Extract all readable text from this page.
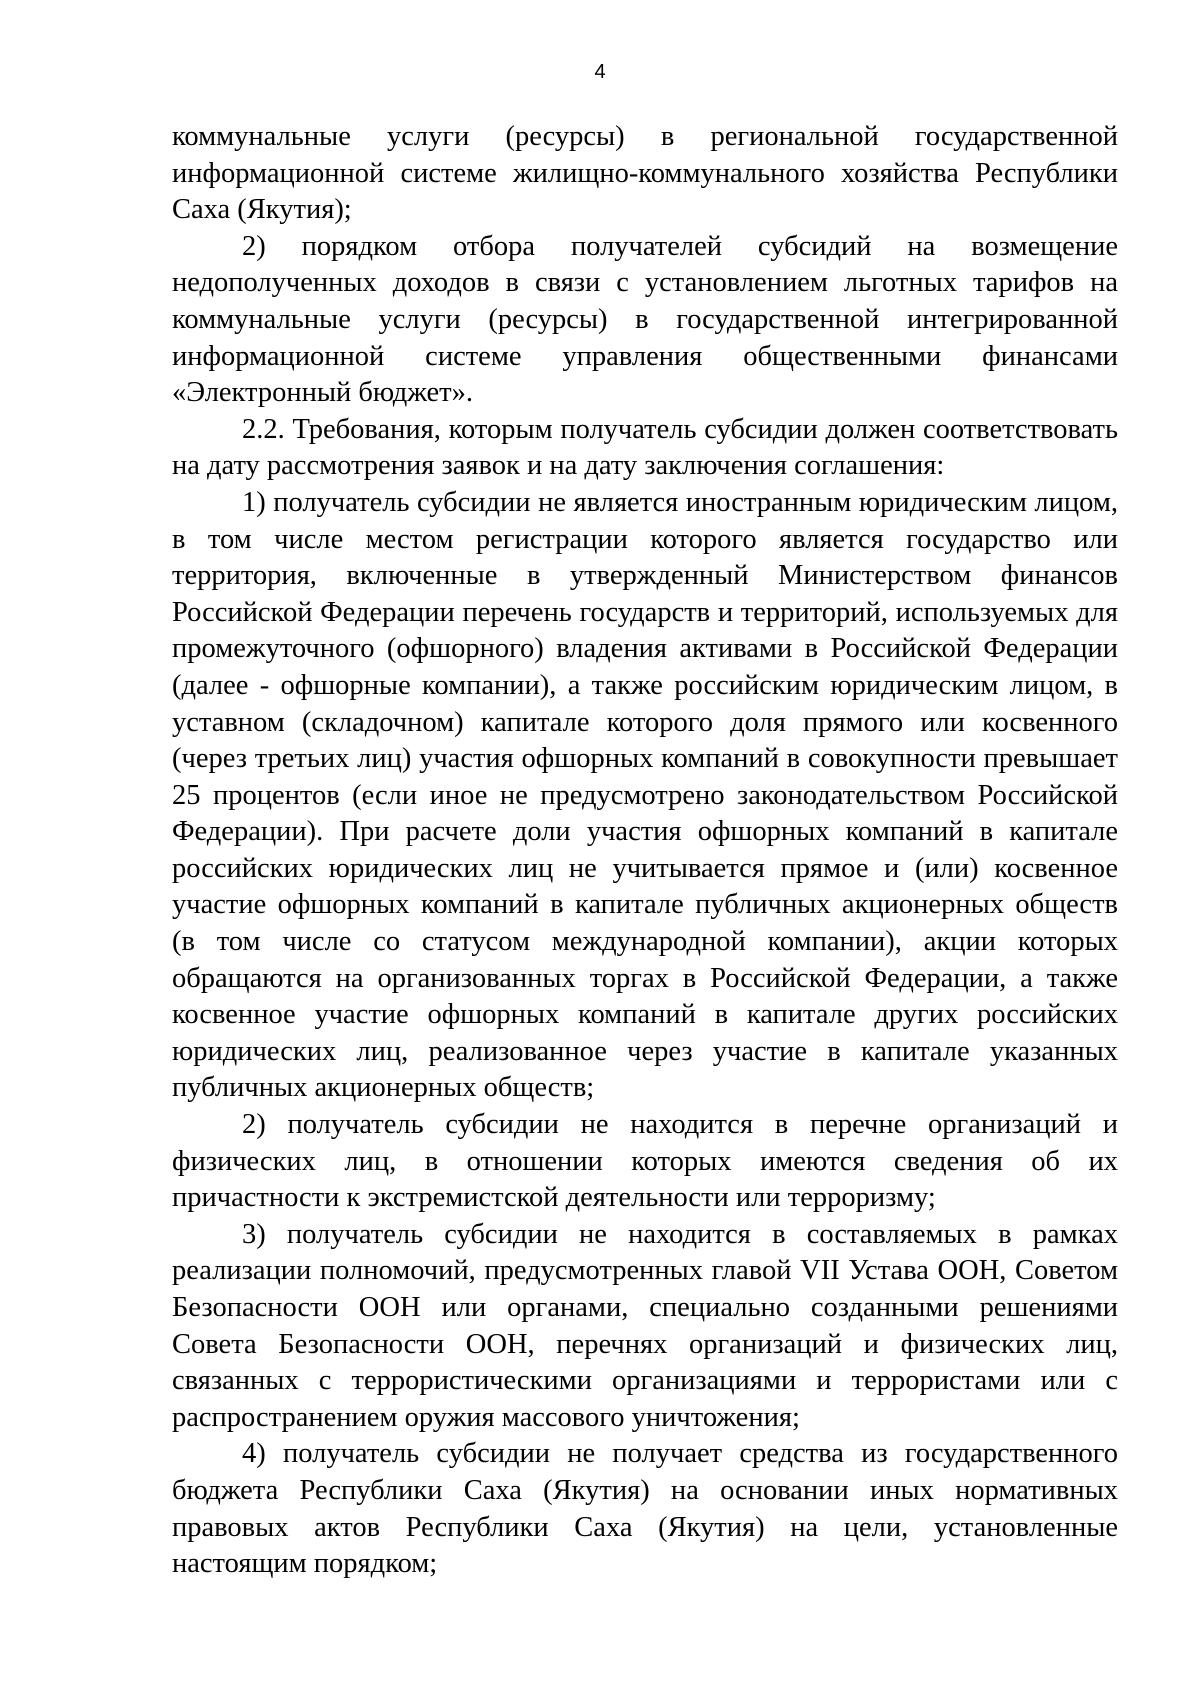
4

коммунальные услуги (ресурсы) в региональной государственной информационной системе жилищно-коммунального хозяйства Республики Саха (Якутия);

2) порядком отбора получателей субсидий на возмещение недополученных доходов в связи с установлением льготных тарифов на коммунальные услуги (ресурсы) в государственной интегрированной информационной системе управления общественными финансами «Электронный бюджет».

2.2. Требования, которым получатель субсидии должен соответствовать на дату рассмотрения заявок и на дату заключения соглашения:

1) получатель субсидии не является иностранным юридическим лицом, в том числе местом регистрации которого является государство или территория, включенные в утвержденный Министерством финансов Российской Федерации перечень государств и территорий, используемых для промежуточного (офшорного) владения активами в Российской Федерации (далее - офшорные компании), а также российским юридическим лицом, в уставном (складочном) капитале которого доля прямого или косвенного (через третьих лиц) участия офшорных компаний в совокупности превышает 25 процентов (если иное не предусмотрено законодательством Российской Федерации). При расчете доли участия офшорных компаний в капитале российских юридических лиц не учитывается прямое и (или) косвенное участие офшорных компаний в капитале публичных акционерных обществ (в том числе со статусом международной компании), акции которых обращаются на организованных торгах в Российской Федерации, а также косвенное участие офшорных компаний в капитале других российских юридических лиц, реализованное через участие в капитале указанных публичных акционерных обществ;

2) получатель субсидии не находится в перечне организаций и физических лиц, в отношении которых имеются сведения об их причастности к экстремистской деятельности или терроризму;

3) получатель субсидии не находится в составляемых в рамках реализации полномочий, предусмотренных главой VII Устава ООН, Советом Безопасности ООН или органами, специально созданными решениями Совета Безопасности ООН, перечнях организаций и физических лиц, связанных с террористическими организациями и террористами или с распространением оружия массового уничтожения;

4) получатель субсидии не получает средства из государственного бюджета Республики Саха (Якутия) на основании иных нормативных правовых актов Республики Саха (Якутия) на цели, установленные настоящим порядком;
